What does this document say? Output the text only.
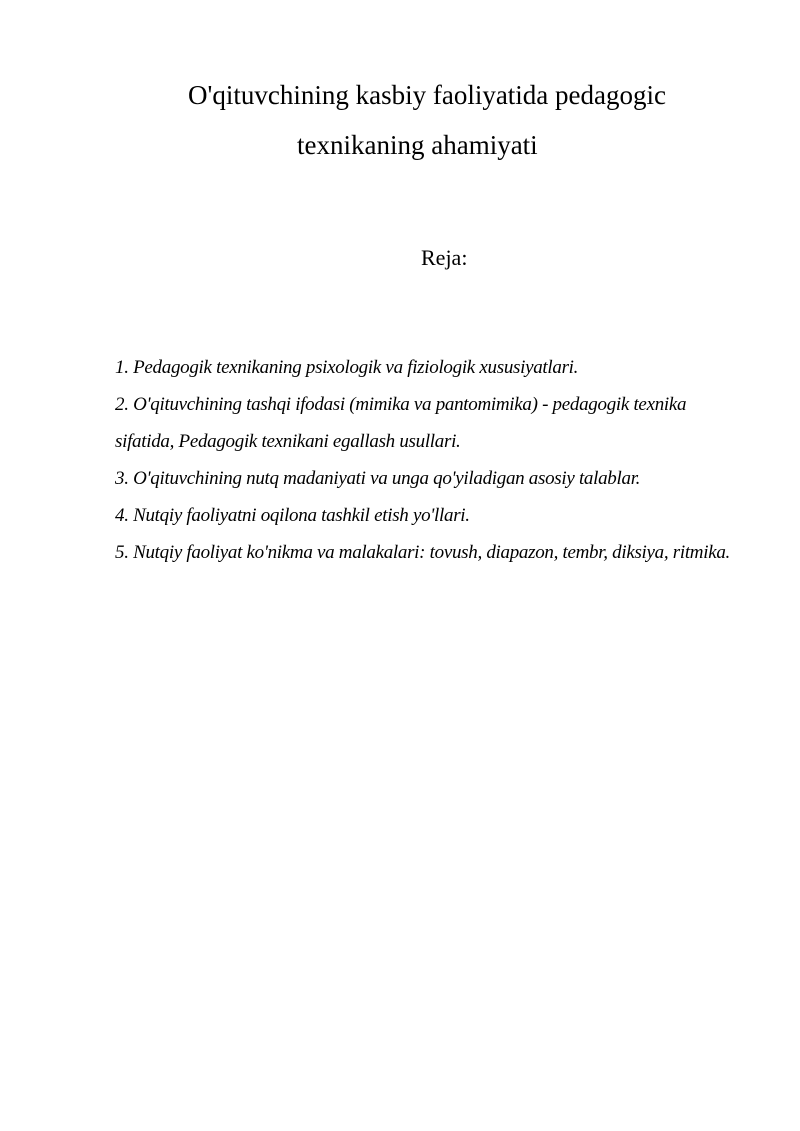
O'qituvchining kasbiy faoliyatida pedagogic
texnikaning ahamiyati
Reja:
1. Pedagogik texnikaning psixologik va fiziologik xususiyatlari.
2. O'qituvchining tashqi ifodasi (mimika va pantomimika) - pedagogik texnika sifatida, Pedagogik texnikani egallash usullari.
3. O'qituvchining nutq madaniyati va unga qo'yiladigan asosiy talablar.
4. Nutqiy faoliyatni oqilona tashkil etish yo'llari.
5. Nutqiy faoliyat ko'nikma va malakalari: tovush, diapazon, tembr, diksiya, ritmika.
